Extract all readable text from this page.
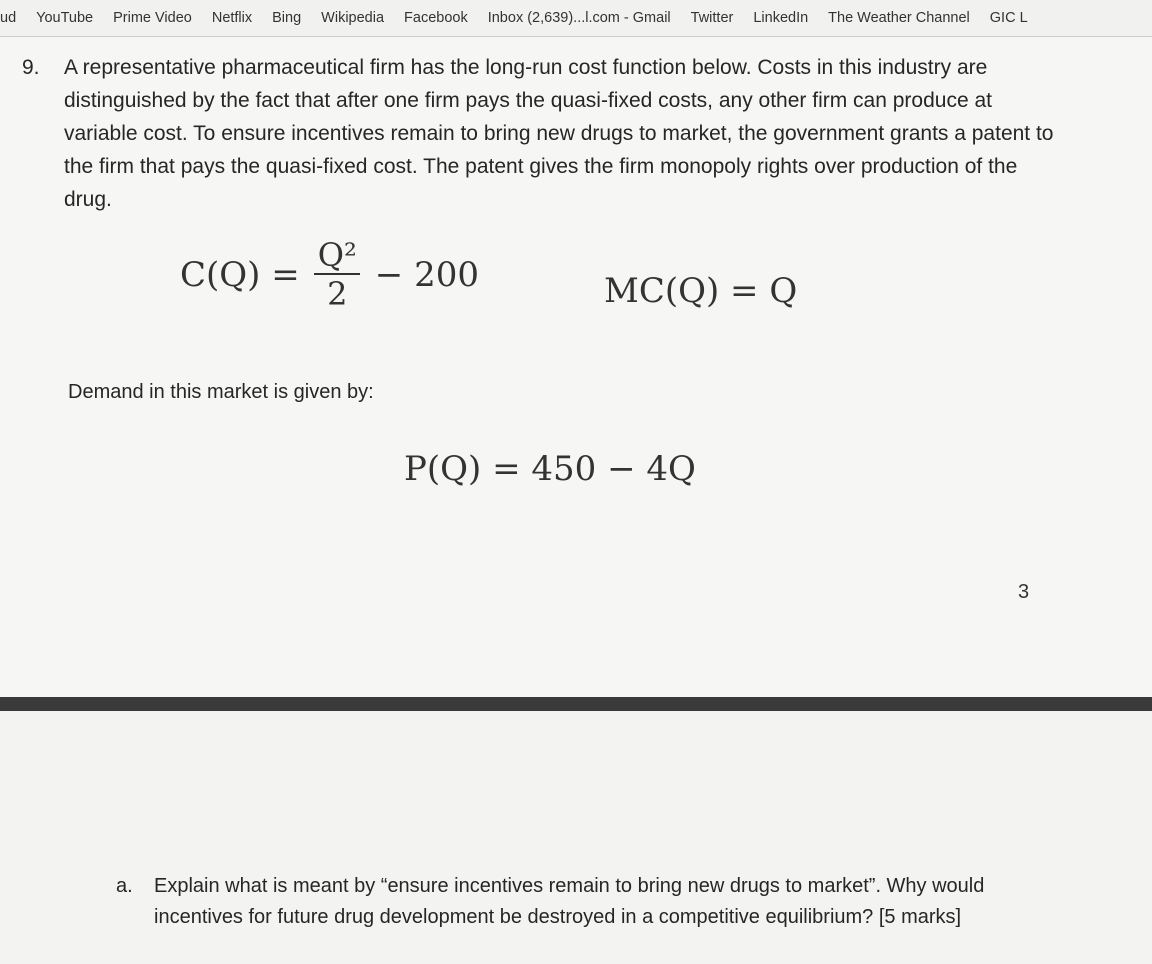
ud	YouTube	Prime Video	Netflix	Bing	Wikipedia	Facebook	Inbox (2,639)...l.com - Gmail	Twitter	LinkedIn	The Weather Channel	GIC L
9.	A representative pharmaceutical firm has the long-run cost function below. Costs in this industry are distinguished by the fact that after one firm pays the quasi-fixed costs, any other firm can produce at variable cost. To ensure incentives remain to bring new drugs to market, the government grants a patent to the firm that pays the quasi-fixed cost. The patent gives the firm monopoly rights over production of the drug.
$C(Q) = \frac{\text{Q²}}{2} - 200$	MC(Q) = Q
Demand in this market is given by:
P(Q) = 450 − 4Q
3
a. Explain what is meant by “ensure incentives remain to bring new drugs to market”. Why would incentives for future drug development be destroyed in a competitive equilibrium? [5 marks]
